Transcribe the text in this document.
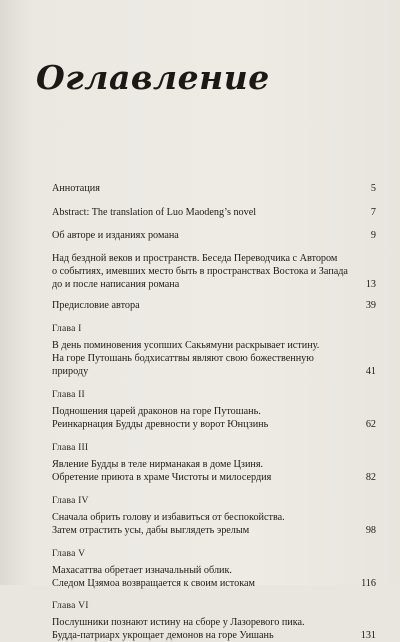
Оглавление
Аннотация	5
Abstract: The translation of Luo Maodeng’s novel	7
Об авторе и изданиях романа	9
Над бездной веков и пространств. Беседа Переводчика с Автором
о событиях, имевших место быть в пространствах Востока и Запада
до и после написания романа	13
Предисловие автора	39
Глава I
В день поминовения усопших Сакьямуни раскрывает истину.
На горе Путошань бодхисаттвы являют свою божественную природу	41
Глава II
Подношения царей драконов на горе Путошань.
Реинкарнация Будды древности у ворот Юнцзинь	62
Глава III
Явление Будды в теле нирманакая в доме Цзиня.
Обретение приюта в храме Чистоты и милосердия	82
Глава IV
Сначала обрить голову и избавиться от беспокойства.
Затем отрастить усы, дабы выглядеть эрелым	98
Глава V
Махасаттва обретает изначальный облик.
Следом Цзямоа возвращается к своим истокам	116
Глава VI
Послушники познают истину на сборе у Лазоревого пика.
Будда-патриарх укрощает демонов на горе Уишань	131
